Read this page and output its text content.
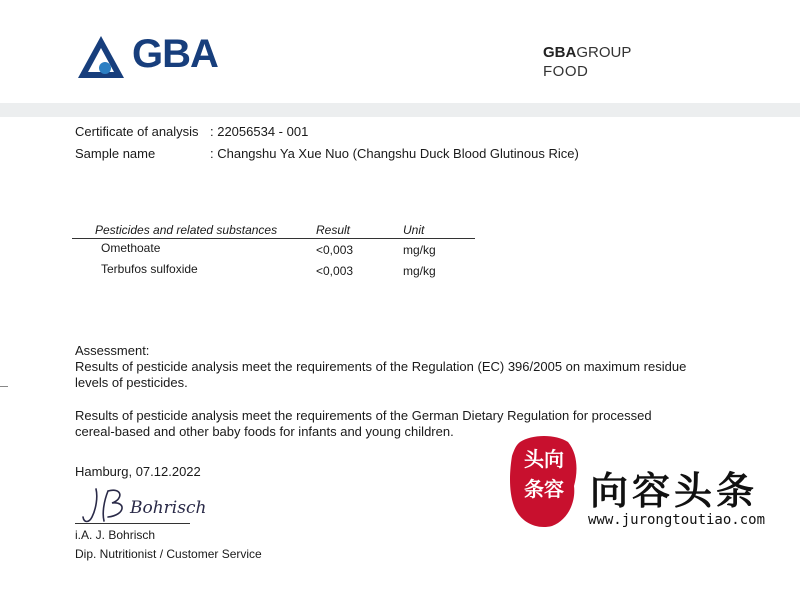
GBA	GBAGROUP
FOOD
Certificate of analysis : 22056534 - 001
Sample name	: Changshu Ya Xue Nuo (Changshu Duck Blood Glutinous Rice)
Pesticides and related substances	Result	Unit
Omethoate	<0,003	mg/kg
Terbufos sulfoxide	<0,003	mg/kg
Assessment:
Results of pesticide analysis meet the requirements of the Regulation (EC) 396/2005 on maximum residue
levels of pesticides.
Results of pesticide analysis meet the requirements of the German Dietary Regulation for processed
cereal-based and other baby foods for infants and young children.
Hamburg, 07.12.2022
Bohrisch
i.A. J. Bohrisch
Dip. Nutritionist / Customer Service
头向
条容 向容头条
www.jurongtoutiao.com
